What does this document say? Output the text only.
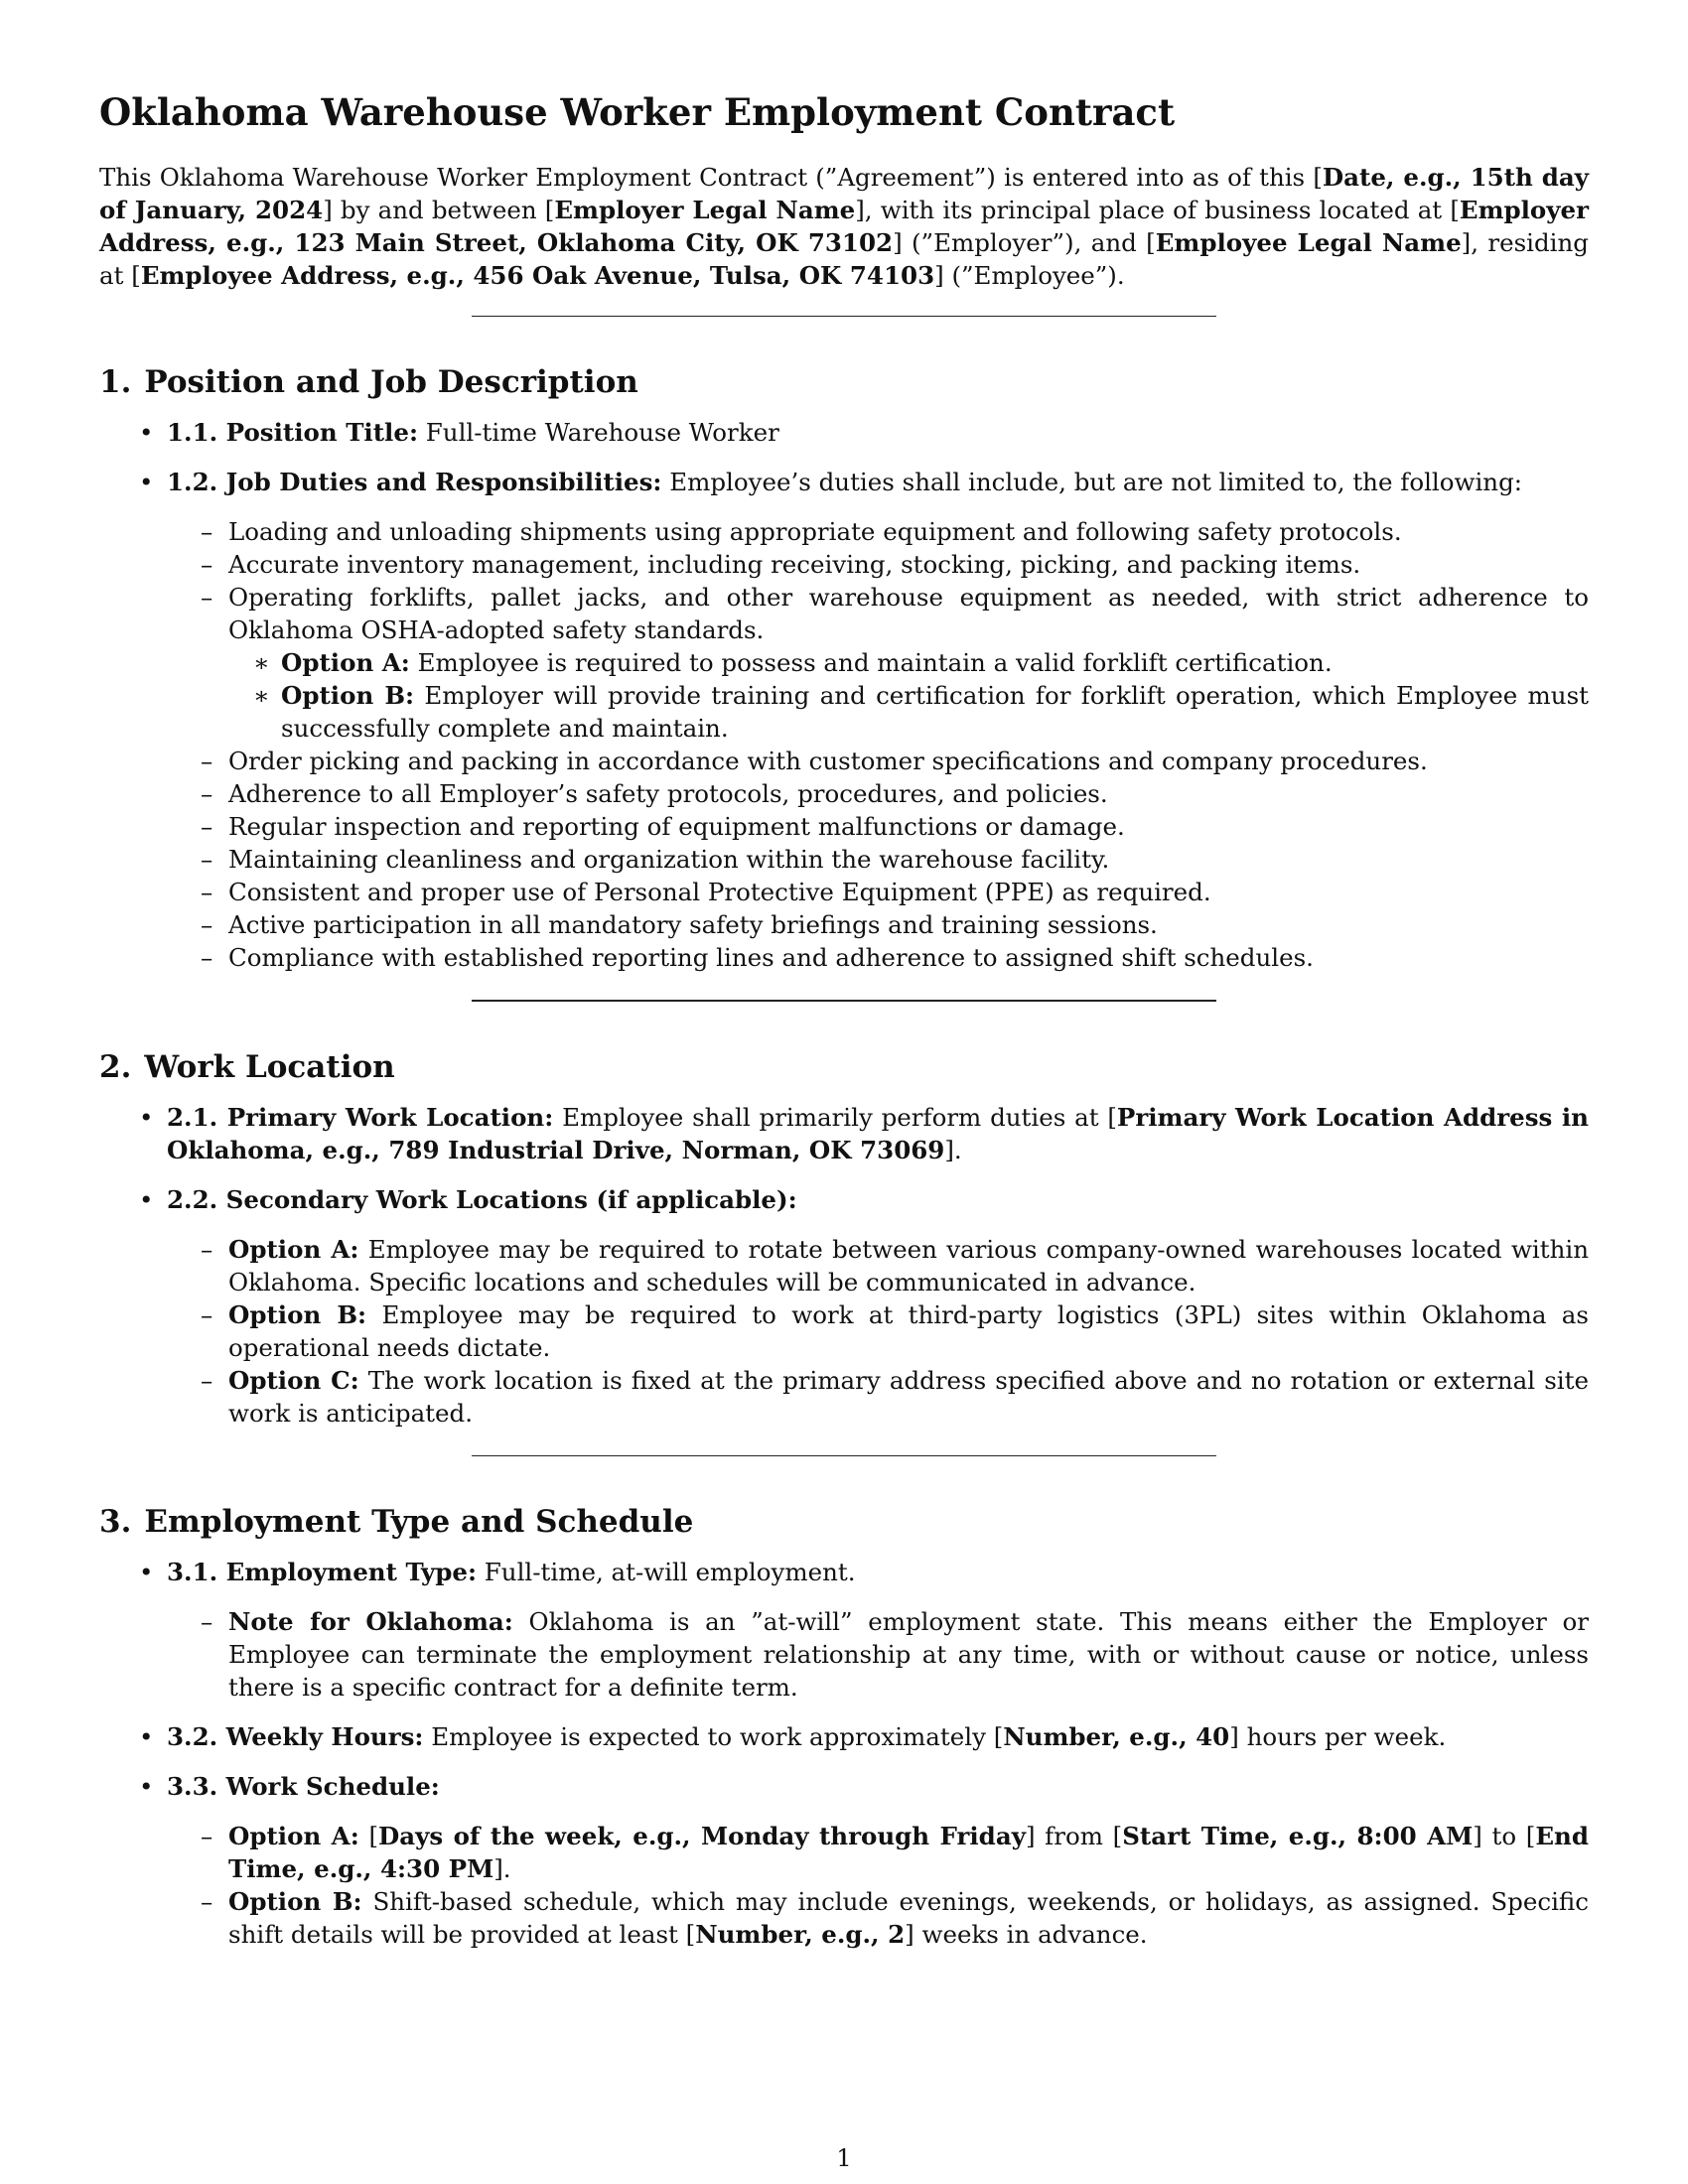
Oklahoma Warehouse Worker Employment Contract

This Oklahoma Warehouse Worker Employment Contract (”Agreement”) is entered into as of this [Date, e.g., 15th day of January, 2024] by and between [Employer Legal Name], with its principal place of business located at [Employer Address, e.g., 123 Main Street, Oklahoma City, OK 73102] (”Employer”), and [Employee Legal Name], residing at [Employee Address, e.g., 456 Oak Avenue, Tulsa, OK 74103] (”Employee”).

1. Position and Job Description
• 1.1. Position Title: Full-time Warehouse Worker
• 1.2. Job Duties and Responsibilities: Employee’s duties shall include, but are not limited to, the following:
– Loading and unloading shipments using appropriate equipment and following safety protocols.
– Accurate inventory management, including receiving, stocking, picking, and packing items.
– Operating forklifts, pallet jacks, and other warehouse equipment as needed, with strict adherence to Oklahoma OSHA-adopted safety standards.
∗ Option A: Employee is required to possess and maintain a valid forklift certification.
∗ Option B: Employer will provide training and certification for forklift operation, which Employee must successfully complete and maintain.
– Order picking and packing in accordance with customer specifications and company procedures.
– Adherence to all Employer’s safety protocols, procedures, and policies.
– Regular inspection and reporting of equipment malfunctions or damage.
– Maintaining cleanliness and organization within the warehouse facility.
– Consistent and proper use of Personal Protective Equipment (PPE) as required.
– Active participation in all mandatory safety briefings and training sessions.
– Compliance with established reporting lines and adherence to assigned shift schedules.
2. Work Location
• 2.1. Primary Work Location: Employee shall primarily perform duties at [Primary Work Location Address in Oklahoma, e.g., 789 Industrial Drive, Norman, OK 73069].
• 2.2. Secondary Work Locations (if applicable):
– Option A: Employee may be required to rotate between various company-owned warehouses located within Oklahoma. Specific locations and schedules will be communicated in advance.
– Option B: Employee may be required to work at third-party logistics (3PL) sites within Oklahoma as operational needs dictate.
– Option C: The work location is fixed at the primary address specified above and no rotation or external site work is anticipated.
3. Employment Type and Schedule
• 3.1. Employment Type: Full-time, at-will employment.
– Note for Oklahoma: Oklahoma is an ”at-will” employment state. This means either the Employer or Employee can terminate the employment relationship at any time, with or without cause or notice, unless there is a specific contract for a definite term.
• 3.2. Weekly Hours: Employee is expected to work approximately [Number, e.g., 40] hours per week.
• 3.3. Work Schedule:
– Option A: [Days of the week, e.g., Monday through Friday] from [Start Time, e.g., 8:00 AM] to [End Time, e.g., 4:30 PM].
– Option B: Shift-based schedule, which may include evenings, weekends, or holidays, as assigned. Specific shift details will be provided at least [Number, e.g., 2] weeks in advance.
1
